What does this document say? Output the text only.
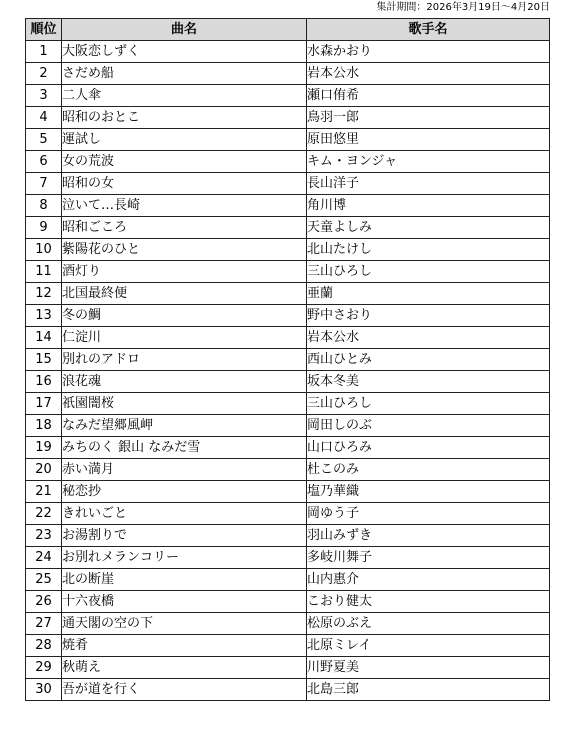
集計期間：2026年3月19日～4月20日
順位	曲名	歌手名
1	大阪恋しずく	水森かおり
2	さだめ船	岩本公水
3	二人傘	瀬口侑希
4	昭和のおとこ	鳥羽一郎
5	運試し	原田悠里
6	女の荒波	キム・ヨンジャ
7	昭和の女	長山洋子
8	泣いて…長崎	角川博
9	昭和ごころ	天童よしみ
10	紫陽花のひと	北山たけし
11	酒灯り	三山ひろし
12	北国最終便	亜蘭
13	冬の鯛	野中さおり
14	仁淀川	岩本公水
15	別れのアドロ	西山ひとみ
16	浪花魂	坂本冬美
17	祇園闇桜	三山ひろし
18	なみだ望郷風岬	岡田しのぶ
19	みちのく 銀山 なみだ雪	山口ひろみ
20	赤い満月	杜このみ
21	秘恋抄	塩乃華織
22	きれいごと	岡ゆう子
23	お湯割りで	羽山みずき
24	お別れメランコリー	多岐川舞子
25	北の断崖	山内惠介
26	十六夜橋	こおり健太
27	通天閣の空の下	松原のぶえ
28	焼肴	北原ミレイ
29	秋萌え	川野夏美
30	吾が道を行く	北島三郎
